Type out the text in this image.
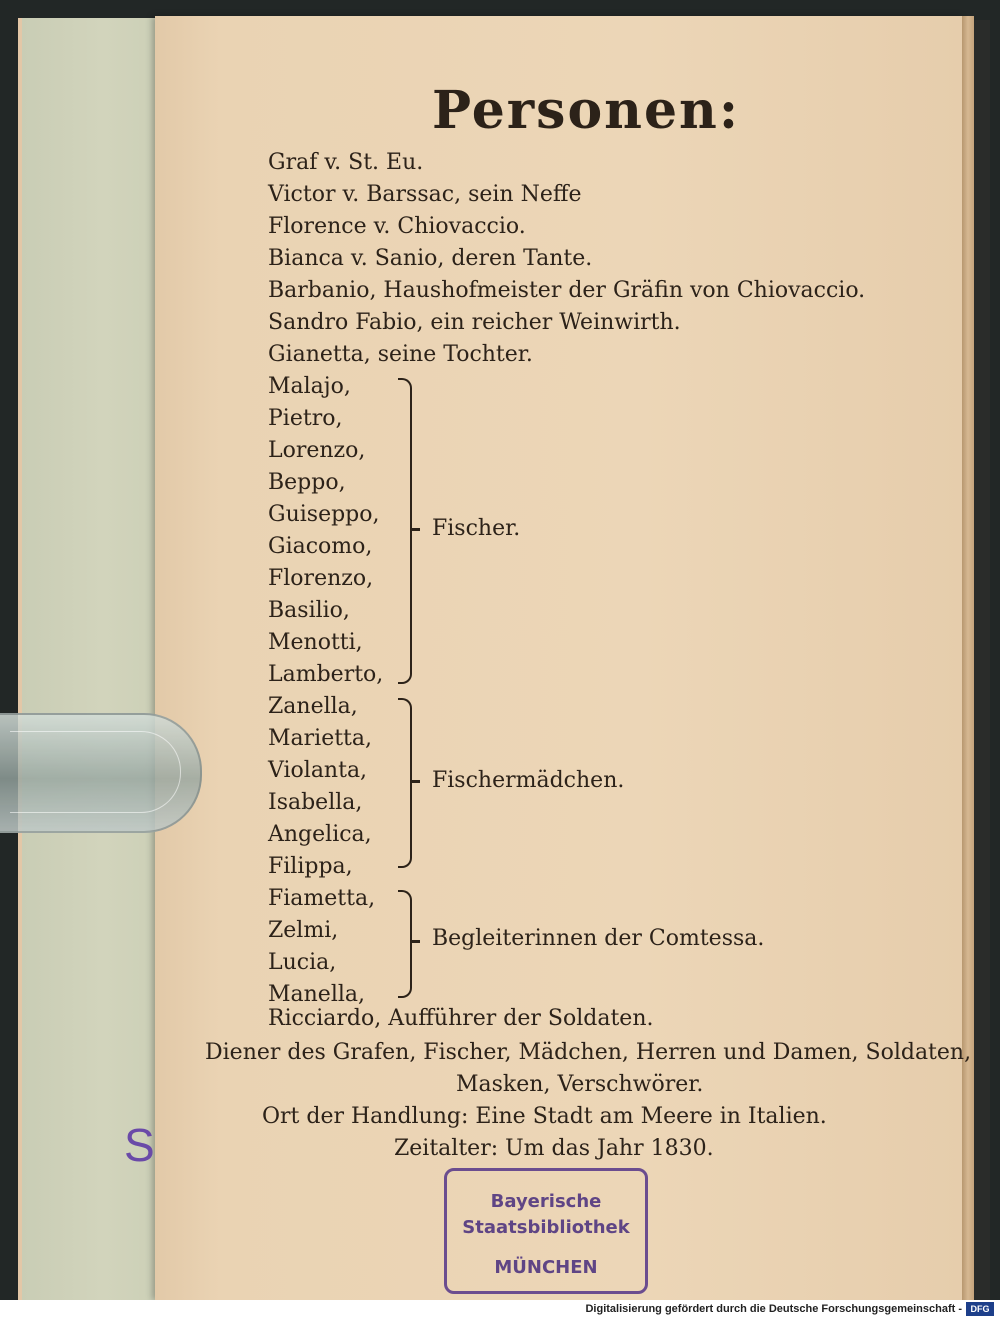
S
Personen:
Graf v. St. Eu.
Victor v. Barssac, sein Neffe
Florence v. Chiovaccio.
Bianca v. Sanio, deren Tante.
Barbanio, Haushofmeister der Gräfin von Chiovaccio.
Sandro Fabio, ein reicher Weinwirth.
Gianetta, seine Tochter.
Malajo,
Pietro,
Lorenzo,
Beppo,
Guiseppo,
Giacomo,
Florenzo,
Basilio,
Menotti,
Lamberto,
Fischer.
Zanella,
Marietta,
Violanta,
Isabella,
Angelica,
Filippa,
Fischermädchen.
Fiametta,
Zelmi,
Lucia,
Manella,
Begleiterinnen der Comtessa.
Ricciardo, Aufführer der Soldaten.
Diener des Grafen, Fischer, Mädchen, Herren und Damen, Soldaten,
Masken, Verschwörer.
Ort der Handlung: Eine Stadt am Meere in Italien.
Zeitalter: Um das Jahr 1830.
Bayerische
Staatsbibliothek
MÜNCHEN
Digitalisierung gefördert durch die Deutsche Forschungsgemeinschaft - DFG
